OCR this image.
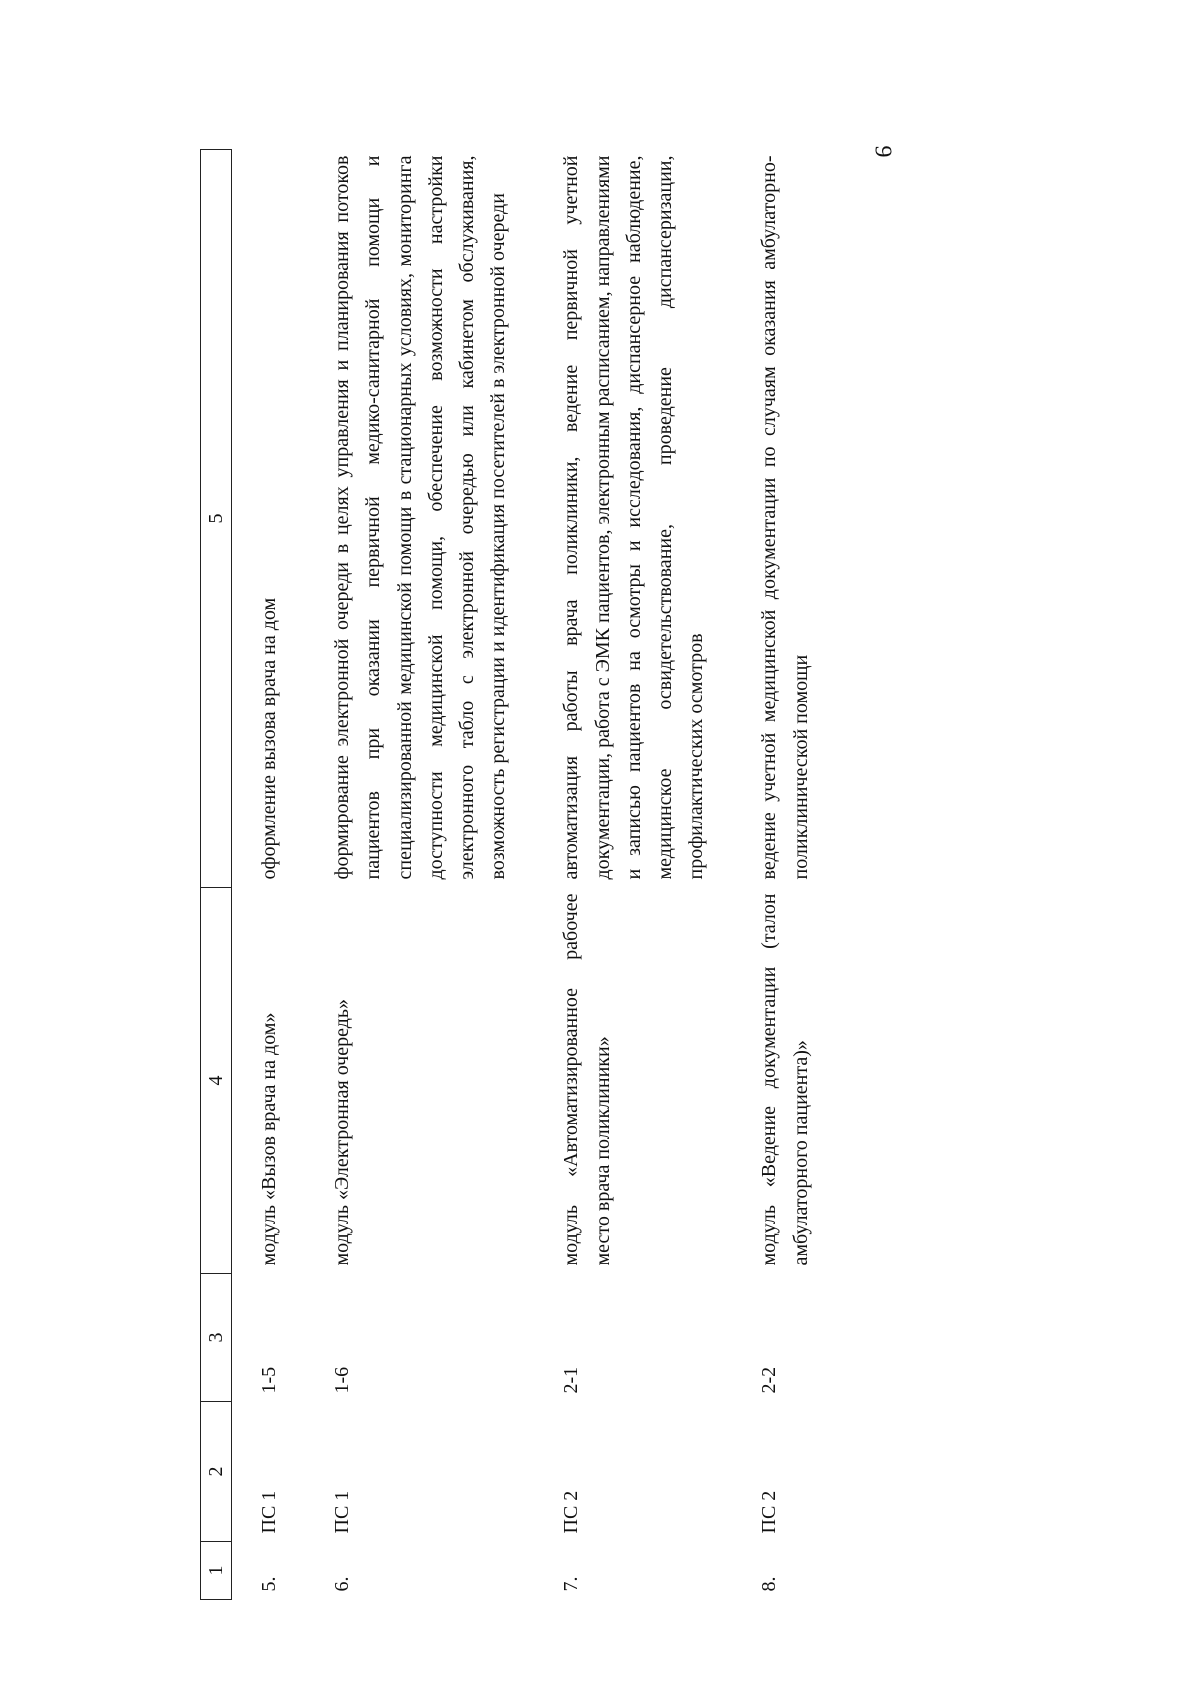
9
1	2	3	4	5
5.	ПС 1	1-5	модуль «Вызов врача на дом»	оформление вызова врача на дом
6.	ПС 1	1-6	модуль «Электронная очередь»	формирование электронной очереди в целях управления и планирования потоков пациентов при оказании первичной медико-санитарной помощи и специализированной медицинской помощи в стационарных условиях, мониторинга доступности медицинской помощи, обеспечение возможности настройки электронного табло с электронной очередью или кабинетом обслуживания, возможность регистрации и идентификация посетителей в электронной очереди
7.	ПС 2	2-1	модуль «Автоматизированное рабочее место врача поликлиники»	автоматизация работы врача поликлиники, ведение первичной учетной документации, работа с ЭМК пациентов, электронным расписанием, направлениями и записью пациентов на осмотры и исследования, диспансерное наблюдение, медицинское освидетельствование, проведение диспансеризации, профилактических осмотров
8.	ПС 2	2-2	модуль «Ведение документации (талон амбулаторного пациента)»	ведение учетной медицинской документации по случаям оказания амбулаторно-поликлинической помощи
